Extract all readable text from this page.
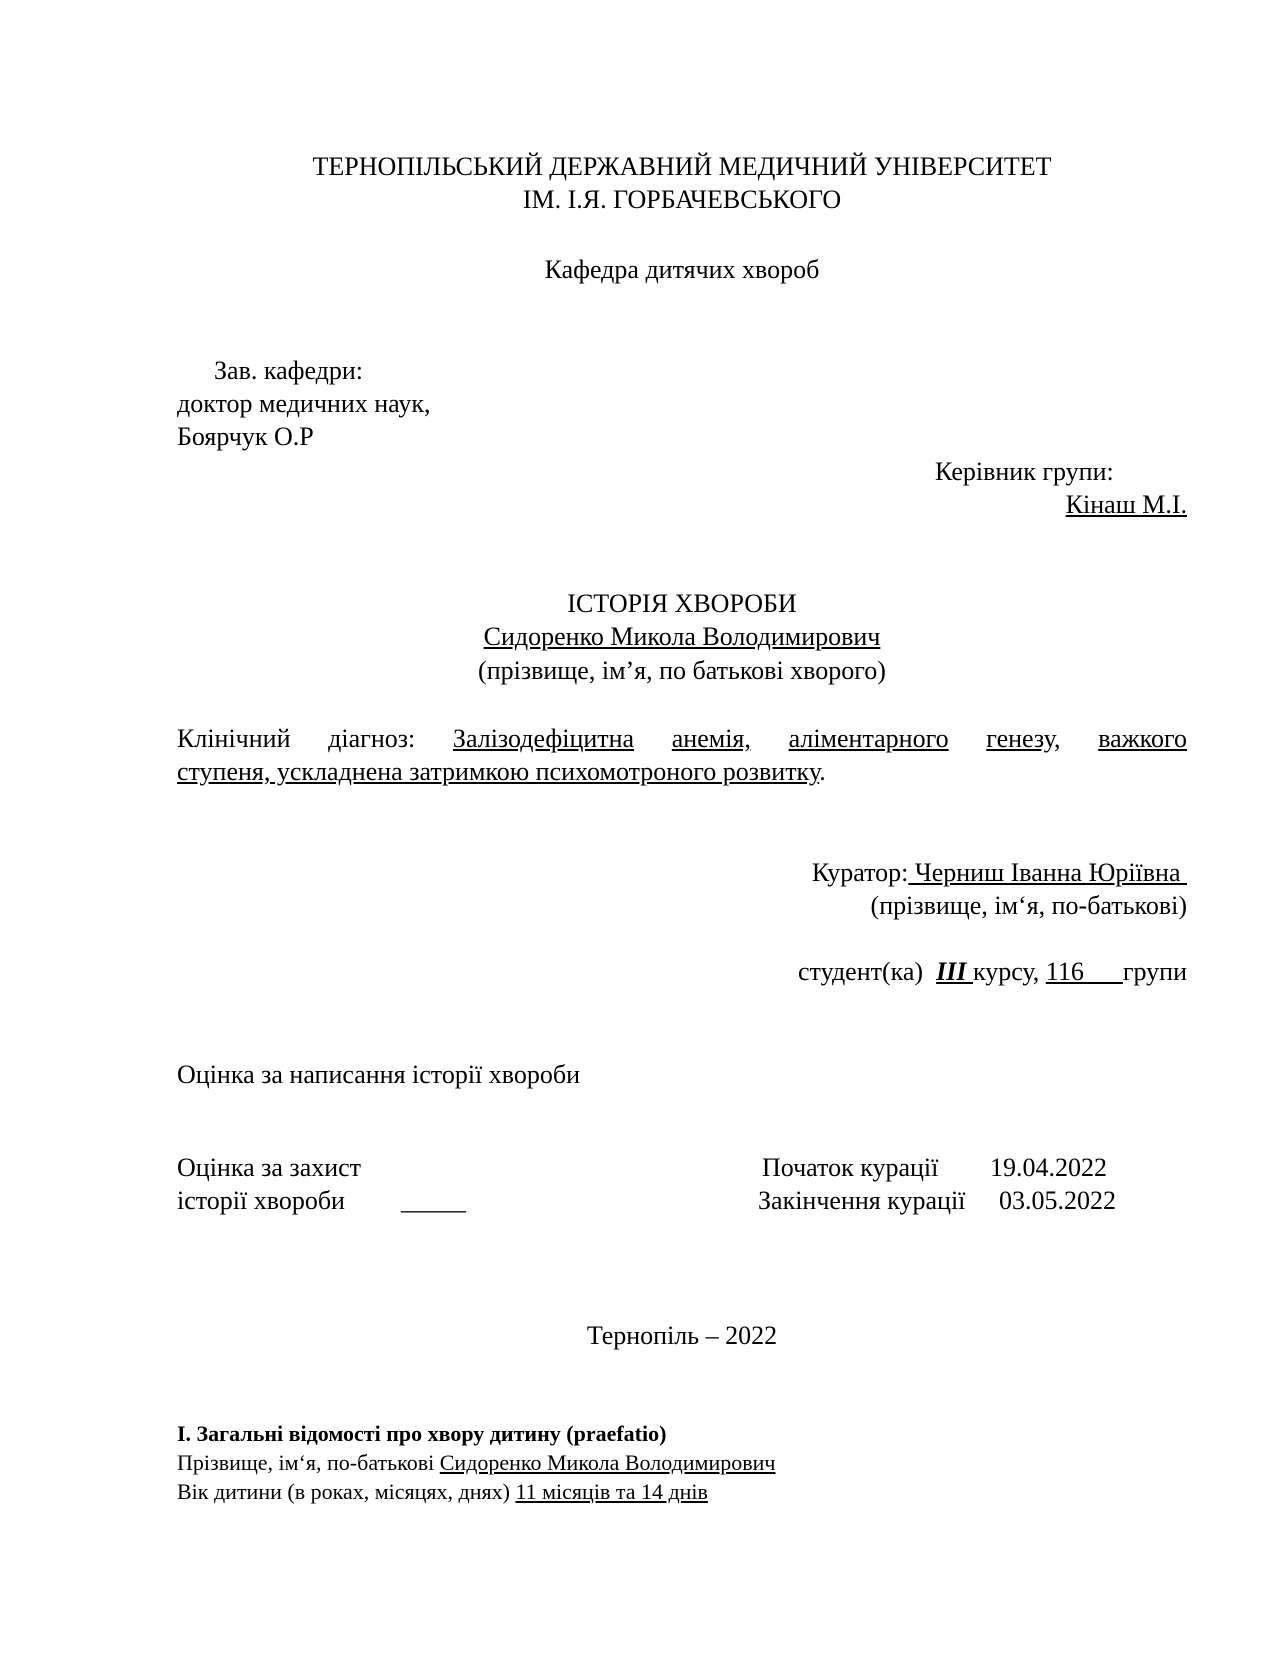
ТЕРНОПІЛЬСЬКИЙ ДЕРЖАВНИЙ МЕДИЧНИЙ УНІВЕРСИТЕТ
ІМ. І.Я. ГОРБАЧЕВСЬКОГО
Кафедра дитячих хвороб
Зав. кафедри:
доктор медичних наук,
Боярчук О.Р
Керівник групи:
Кінаш М.І.
ІСТОРІЯ ХВОРОБИ
Сидоренко Микола Володимирович
(прізвище, ім’я, по батькові хворого)
Клінічний діагноз: Залізодефіцитна анемія, аліментарного генезу, важкого
ступеня, ускладнена затримкою психомотроного розвитку.
Куратор: Черниш Іванна Юріївна
(прізвище, ім‘я, по-батькові)
студент(ка) ІІІ курсу, 116      групи
Оцінка за написання історії хвороби
Оцінка за захист
історії хвороби _____
Початок курації 19.04.2022
Закінчення курації 03.05.2022
Тернопіль – 2022
I. Загальні відомості про хвору дитину (praefatio)
Прізвище, ім‘я, по-батькові Сидоренко Микола Володимирович
Вік дитини (в роках, місяцях, днях) 11 місяців та 14 днів
